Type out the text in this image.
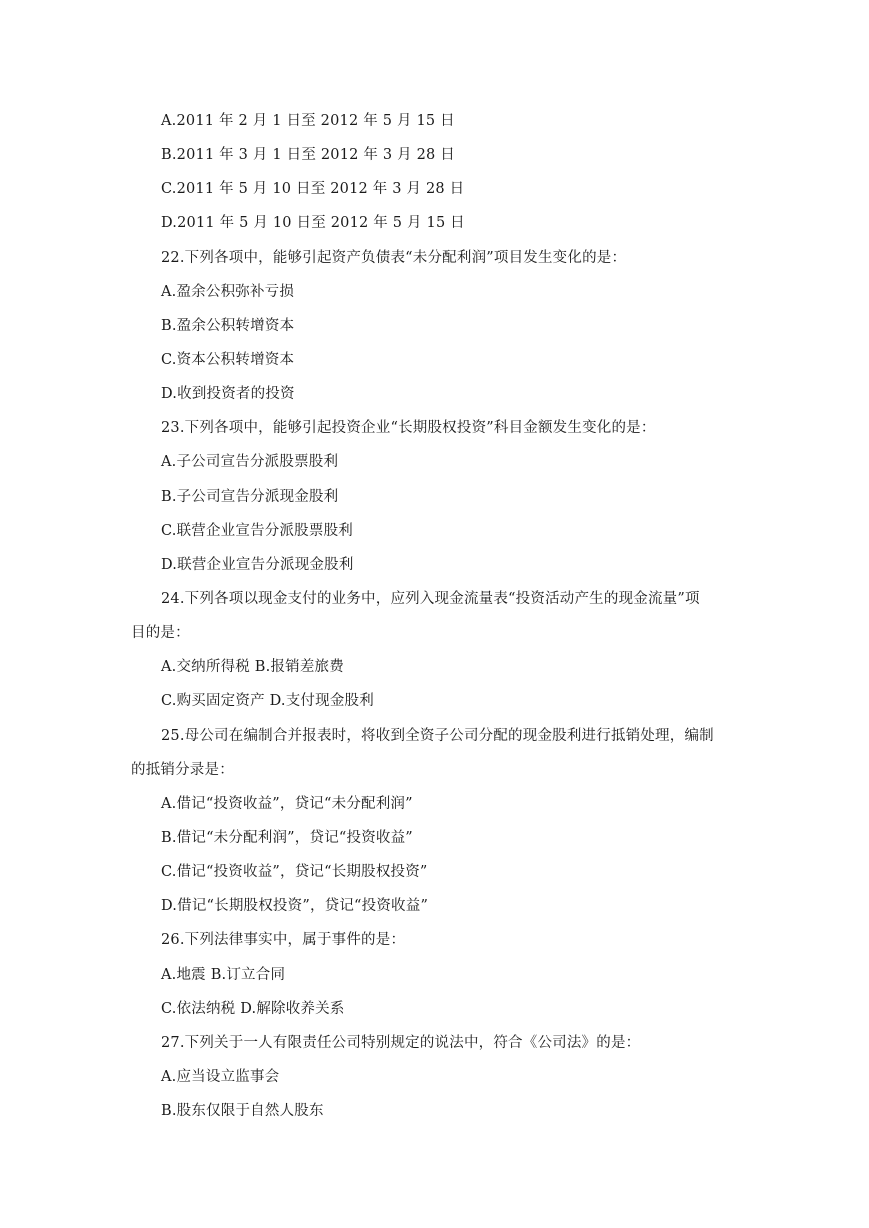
A.2011 年 2 月 1 日至 2012 年 5 月 15 日
B.2011 年 3 月 1 日至 2012 年 3 月 28 日
C.2011 年 5 月 10 日至 2012 年 3 月 28 日
D.2011 年 5 月 10 日至 2012 年 5 月 15 日
22.下列各项中，能够引起资产负债表“未分配利润”项目发生变化的是：
A.盈余公积弥补亏损
B.盈余公积转增资本
C.资本公积转增资本
D.收到投资者的投资
23.下列各项中，能够引起投资企业“长期股权投资”科目金额发生变化的是：
A.子公司宣告分派股票股利
B.子公司宣告分派现金股利
C.联营企业宣告分派股票股利
D.联营企业宣告分派现金股利
24.下列各项以现金支付的业务中，应列入现金流量表“投资活动产生的现金流量”项
目的是：
A.交纳所得税 B.报销差旅费
C.购买固定资产 D.支付现金股利
25.母公司在编制合并报表时，将收到全资子公司分配的现金股利进行抵销处理，编制
的抵销分录是：
A.借记“投资收益”，贷记“未分配利润”
B.借记“未分配利润”，贷记“投资收益”
C.借记“投资收益”，贷记“长期股权投资”
D.借记“长期股权投资”，贷记“投资收益”
26.下列法律事实中，属于事件的是：
A.地震 B.订立合同
C.依法纳税 D.解除收养关系
27.下列关于一人有限责任公司特别规定的说法中，符合《公司法》的是：
A.应当设立监事会
B.股东仅限于自然人股东
